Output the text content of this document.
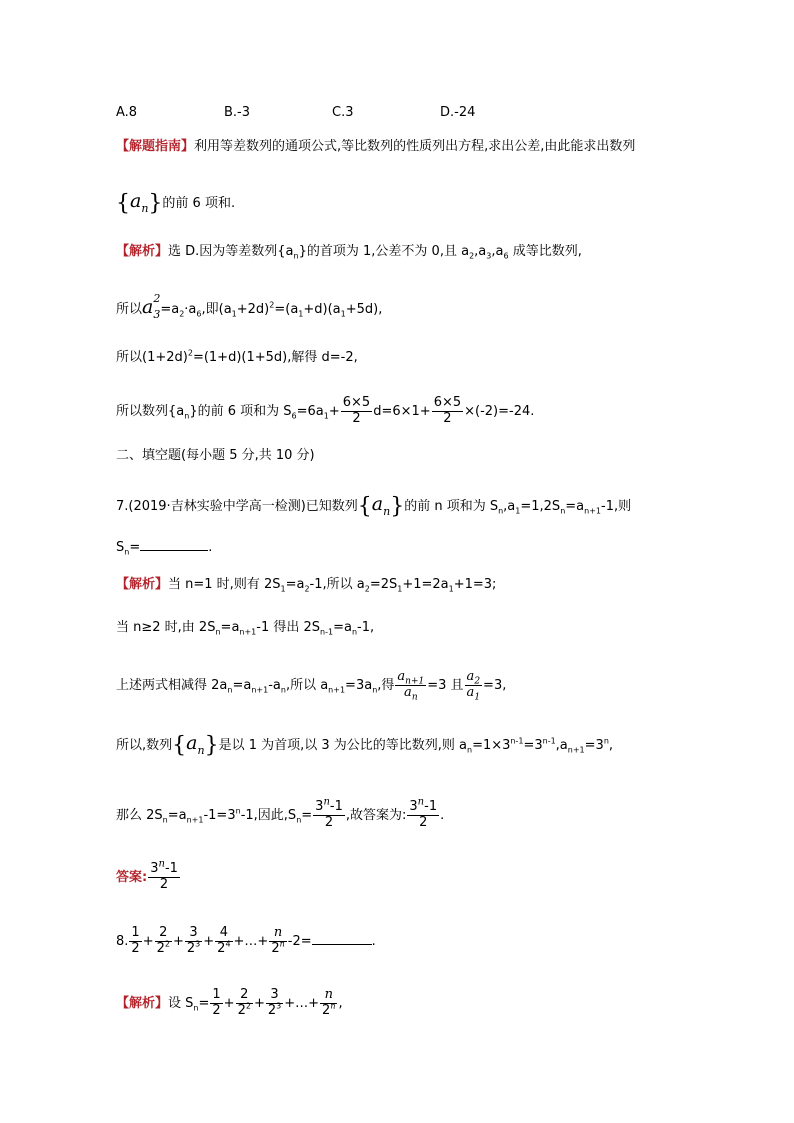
A.8	B.-3	C.3	D.-24
【解题指南】利用等差数列的通项公式,等比数列的性质列出方程,求出公差,由此能求出数列
$\{a_n\}$的前 6 项和.
【解析】选 D.因为等差数列$\{a_n\}$的首项为 1,公差不为 0,且 $a_2,a_3,a_6$ 成等比数列,
所以$a^2_3=a_2\cdot a_6$,即$(a_1+2d)^2=(a_1+d)(a_1+5d)$,
所以$(1+2d)^2=(1+d)(1+5d)$,解得 d=-2,
所以数列$\{a_n\}$的前 6 项和为 $S_6=6a_1+ \frac{6\times 5}{2} d=6\times 1+ \frac{6\times 5}{2} \times(-2)=-24$.
二、填空题(每小题 5 分,共 10 分)
7.(2019·吉林实验中学高一检测)已知数列$\{a_n\}$的前 n 项和为 $S_n,a_1=1,2S_n=a_{n+1}-1$,则
$S_n=$	.
【解析】当 n=1 时,则有 $2S_1=a_2-1$,所以 $a_2=2S_1+1=2a_1+1=3$;
当 n≥2 时,由 $2S_n=a_{n+1}-1$ 得出 $2S_{n-1}=a_n-1$,
上述两式相减得 $2a_n=a_{n+1}-a_n$,所以 $a_{n+1}=3a_n$,得 $\frac{a_{n+1}}{a_n} =3$ 且 $\frac{a_2}{a_1} =3$,
所以,数列$\{a_n\}$是以 1 为首项,以 3 为公比的等比数列,则 $a_n=1\times 3^{n-1}=3^{n-1},a_{n+1}=3^n$,
那么 $2S_n=a_{n+1}-1=3^n-1$,因此$,S_n= \frac{3^n-1}{2}$ ,故答案为: $\frac{3^n-1}{2}$ .
答案: $\frac{3^n-1}{2}$
8. $\frac{1}{2} + \frac{2}{2^2} + \frac{3}{2^3} + \frac{4}{2^4}$ +…+ $\frac{n}{2^n} -2=$	.
【解析】设 $S_n= \frac{1}{2} + \frac{2}{2^2} + \frac{3}{2^3}$ +…+ $\frac{n}{2^n}$ ,
